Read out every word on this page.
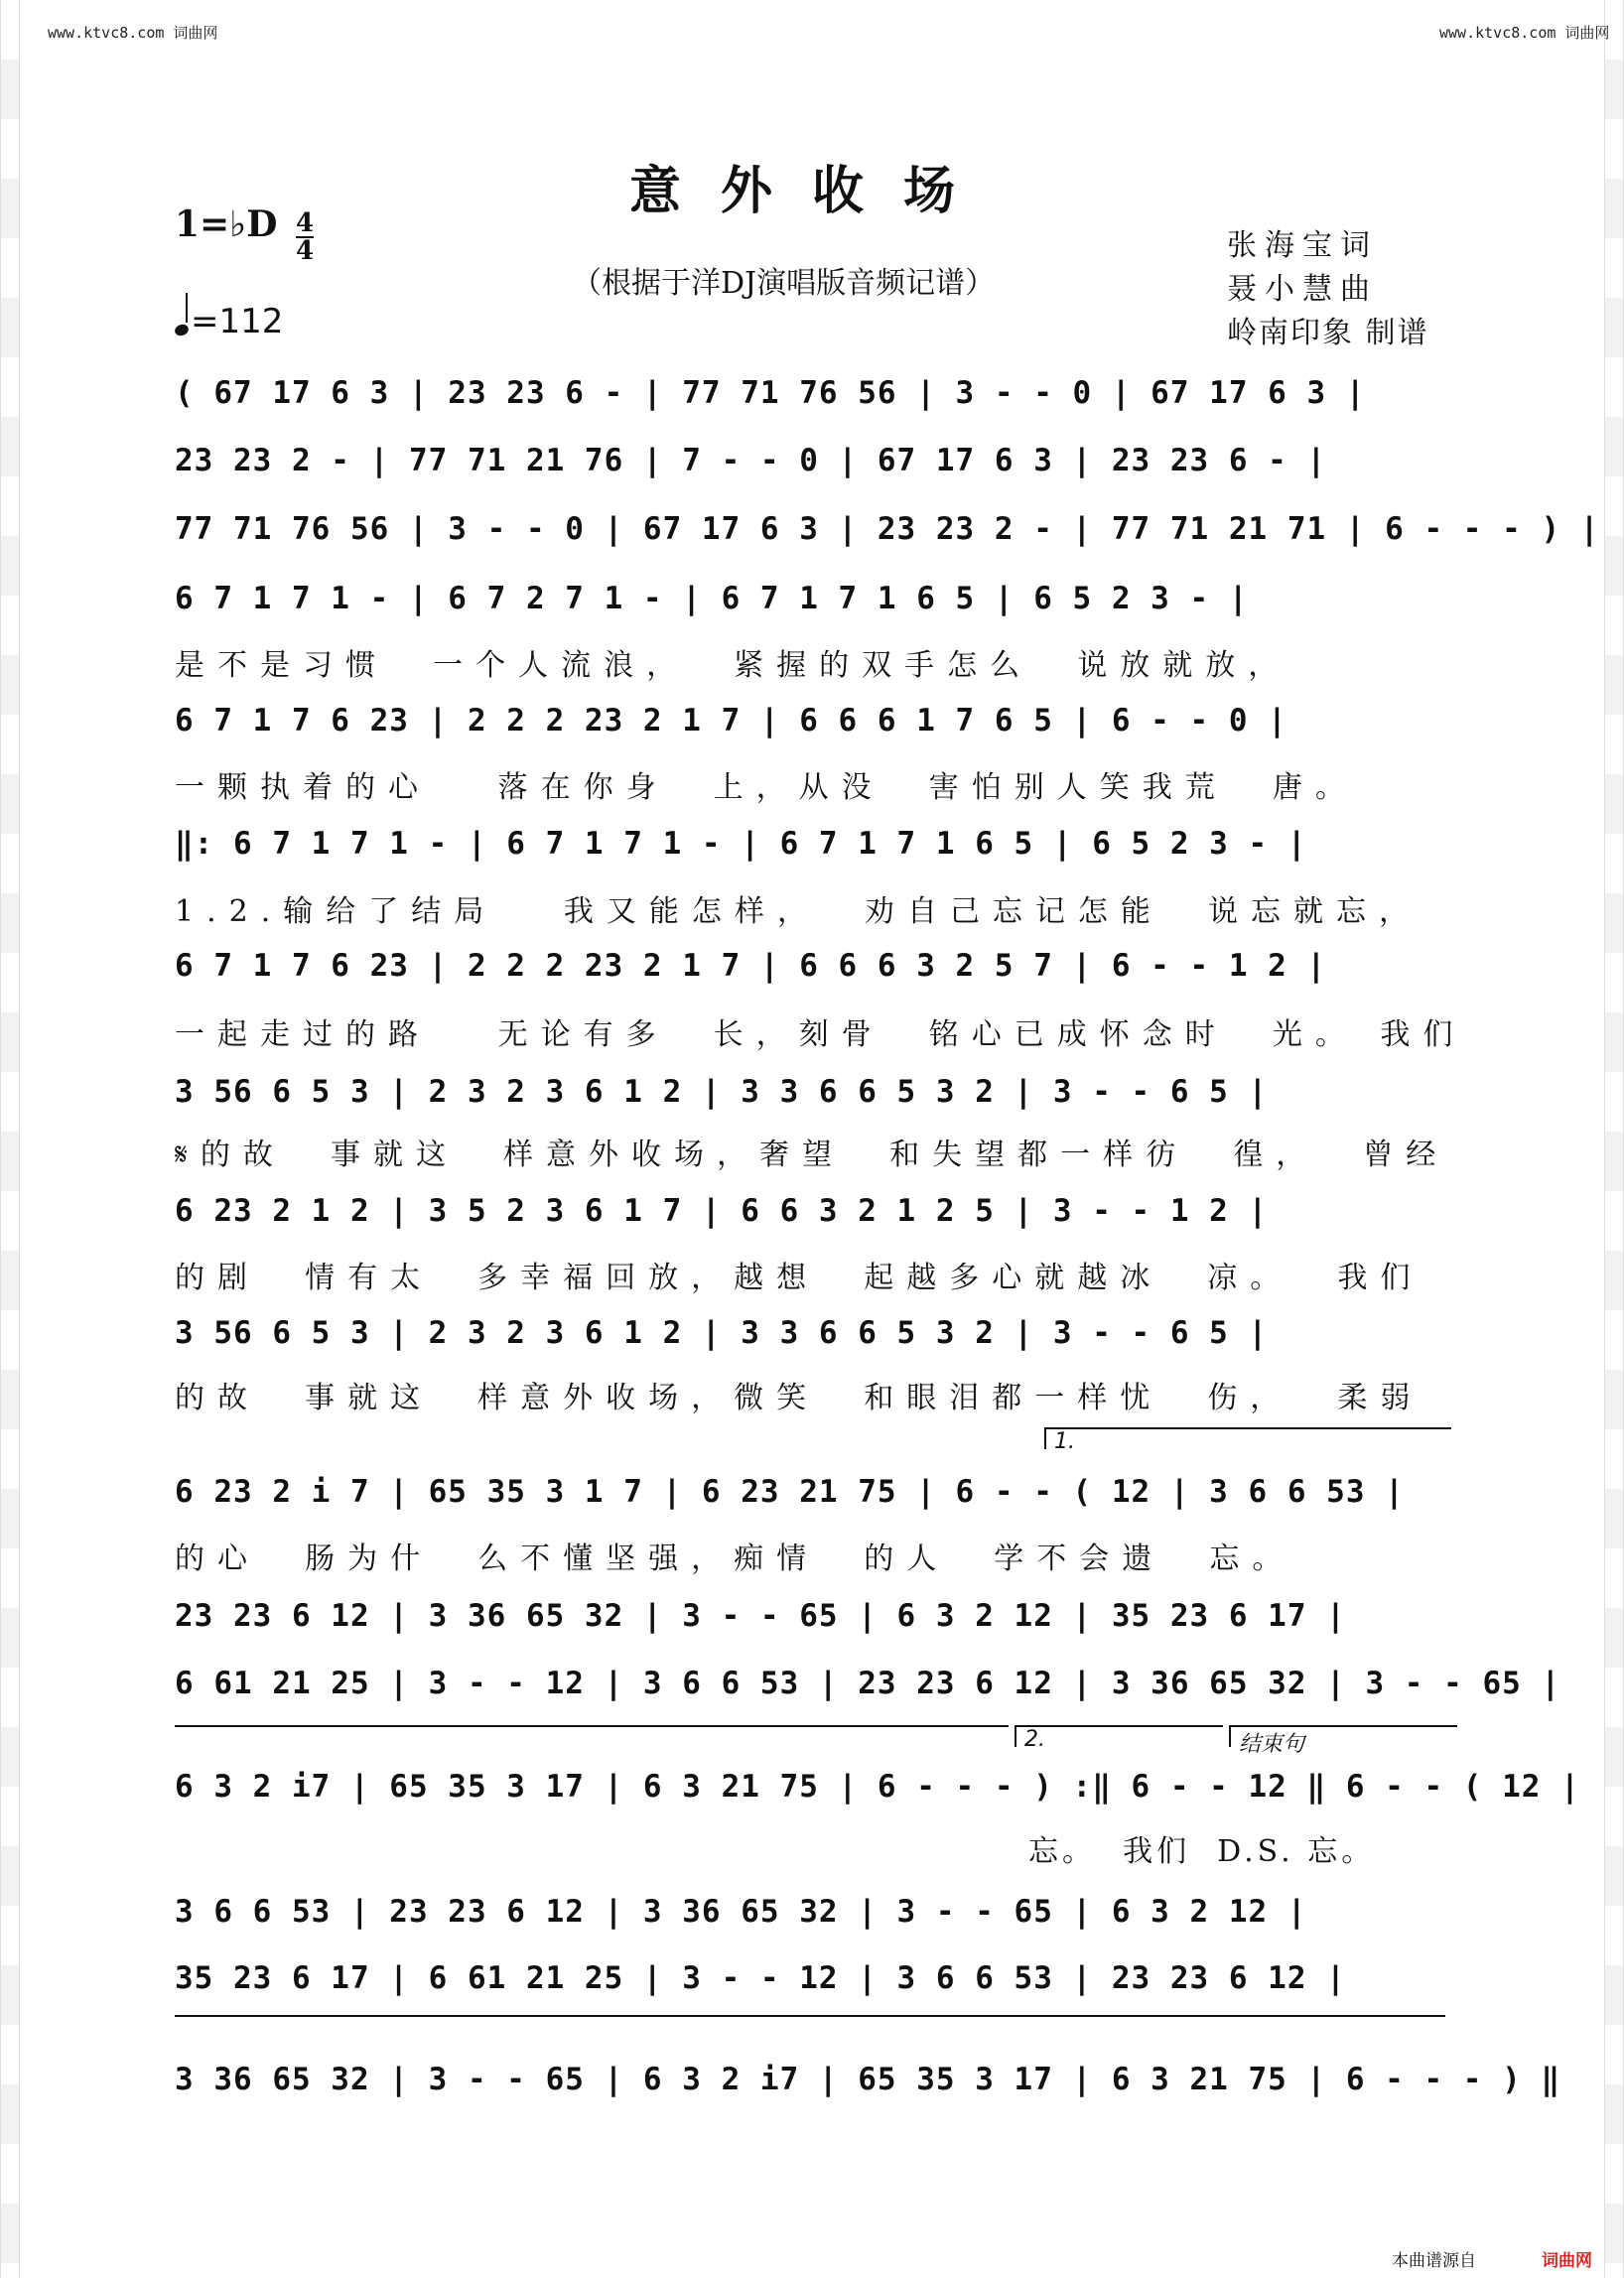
www.ktvc8.com 词曲网	www.ktvc8.com 词曲网
意外收场
1=♭D 4
4
=112
（根据于洋DJ演唱版音频记谱）
张海宝词
聂小慧曲
岭南印象 制谱
( 67 17 6 3 | 23 23 6 - | 77 71 76 56 | 3 - - 0 | 67 17 6 3 |
23 23 2 - | 77 71 21 76 | 7 - - 0 | 67 17 6 3 | 23 23 6 - |
77 71 76 56 | 3 - - 0 | 67 17 6 3 | 23 23 2 - | 77 71 21 71 | 6 - - - ) |
6 7 1 7 1 - | 6 7 2 7 1 - | 6 7 1 7 1 6 5 | 6 5 2 3 - |
是不是习惯  一个人流浪，  紧握的双手怎么  说放就放，
6 7 1 7 6 23 | 2 2 2 23 2 1 7 | 6 6 6 1 7 6 5 | 6 - - 0 |
一颗执着的心   落在你身  上，从没  害怕别人笑我荒  唐。
‖: 6 7 1 7 1 - | 6 7 1 7 1 - | 6 7 1 7 1 6 5 | 6 5 2 3 - |
1.2.输给了结局   我又能怎样，  劝自己忘记怎能  说忘就忘，
6 7 1 7 6 23 | 2 2 2 23 2 1 7 | 6 6 6 3 2 5 7 | 6 - - 1 2 |
一起走过的路   无论有多  长，刻骨  铭心已成怀念时  光。 我们
3 56 6 5 3 | 2 3 2 3 6 1 2 | 3 3 6 6 5 3 2 | 3 - - 6 5 |
𝄋的故  事就这  样意外收场，奢望  和失望都一样彷  徨，  曾经
6 23 2 1 2 | 3 5 2 3 6 1 7 | 6 6 3 2 1 2 5 | 3 - - 1 2 |
的剧  情有太  多幸福回放，越想  起越多心就越冰  凉。  我们
3 56 6 5 3 | 2 3 2 3 6 1 2 | 3 3 6 6 5 3 2 | 3 - - 6 5 |
的故  事就这  样意外收场，微笑  和眼泪都一样忧  伤，  柔弱
1.
6 23 2 i 7 | 65 35 3 1 7 | 6 23 21 75 | 6 - - ( 12 | 3 6 6 53 |
的心  肠为什  么不懂坚强，痴情  的人  学不会遗  忘。
23 23 6 12 | 3 36 65 32 | 3 - - 65 | 6 3 2 12 | 35 23 6 17 |
6 61 21 25 | 3 - - 12 | 3 6 6 53 | 23 23 6 12 | 3 36 65 32 | 3 - - 65 |
2.	结束句
6 3 2 i7 | 65 35 3 17 | 6 3 21 75 | 6 - - - ) :‖ 6 - - 12 ‖ 6 - - ( 12 |
忘。  我们  D.S. 忘。
3 6 6 53 | 23 23 6 12 | 3 36 65 32 | 3 - - 65 | 6 3 2 12 |
35 23 6 17 | 6 61 21 25 | 3 - - 12 | 3 6 6 53 | 23 23 6 12 |
3 36 65 32 | 3 - - 65 | 6 3 2 i7 | 65 35 3 17 | 6 3 21 75 | 6 - - - ) ‖
本曲谱源自	词曲网
